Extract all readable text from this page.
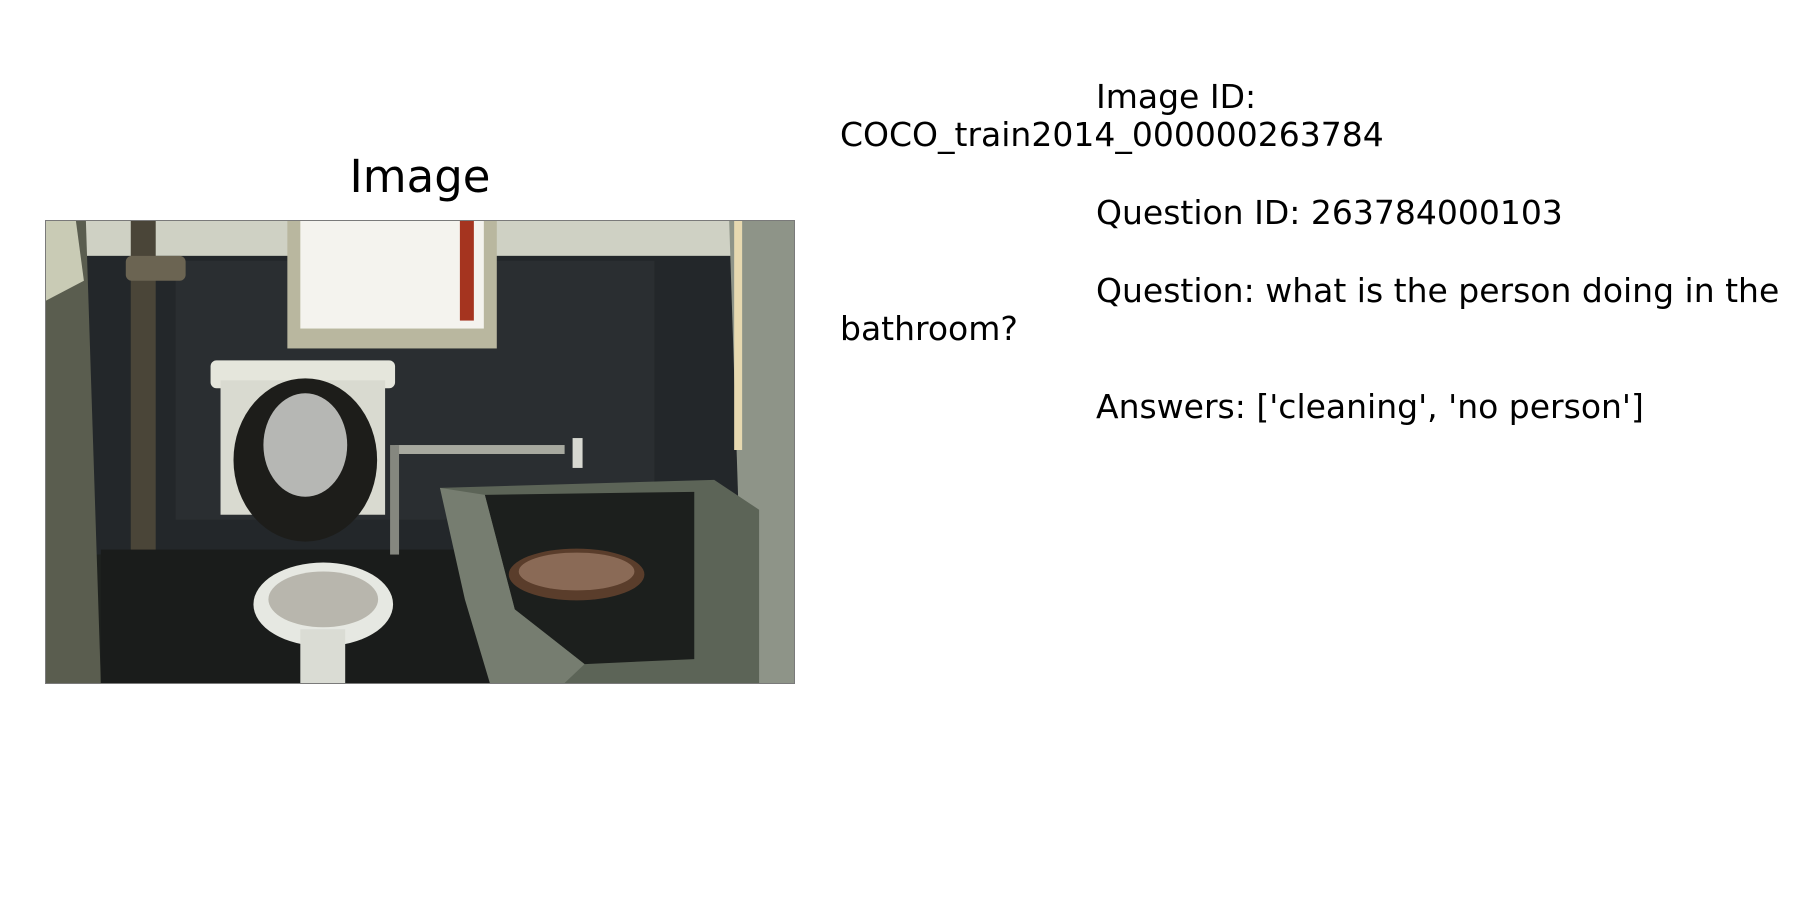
Image

Image ID: COCO_train2014_000000263784

Question ID: 263784000103

Question: what is the person doing in the bathroom?

Answers: ['cleaning', 'no person']
